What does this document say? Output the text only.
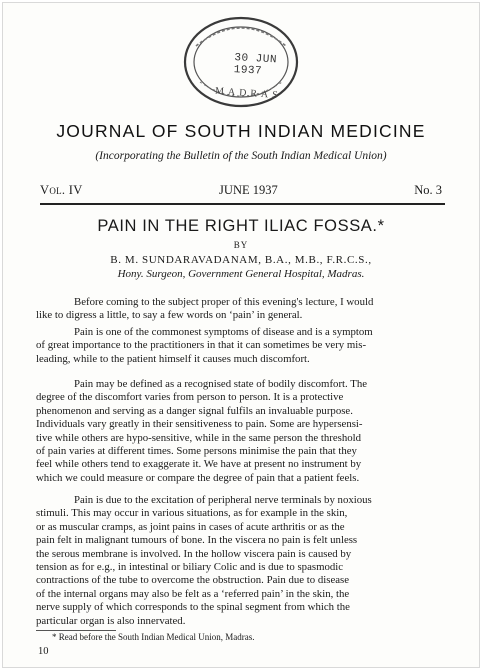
30 JUN 1937
MADRAS
JOURNAL OF SOUTH INDIAN MEDICINE
(Incorporating the Bulletin of the South Indian Medical Union)
Vol. IV	JUNE 1937	No. 3
PAIN IN THE RIGHT ILIAC FOSSA.*
BY
B. M. SUNDARAVADANAM, B.A., M.B., F.R.C.S.,
Hony. Surgeon, Government General Hospital, Madras.
Before coming to the subject proper of this evening's lecture, I would
like to digress a little, to say a few words on ‘pain’ in general.
Pain is one of the commonest symptoms of disease and is a symptom
of great importance to the practitioners in that it can sometimes be very mis-
leading, while to the patient himself it causes much discomfort.
Pain may be defined as a recognised state of bodily discomfort. The
degree of the discomfort varies from person to person. It is a protective
phenomenon and serving as a danger signal fulfils an invaluable purpose.
Individuals vary greatly in their sensitiveness to pain. Some are hypersensi-
tive while others are hypo-sensitive, while in the same person the threshold
of pain varies at different times. Some persons minimise the pain that they
feel while others tend to exaggerate it. We have at present no instrument by
which we could measure or compare the degree of pain that a patient feels.
Pain is due to the excitation of peripheral nerve terminals by noxious
stimuli. This may occur in various situations, as for example in the skin,
or as muscular cramps, as joint pains in cases of acute arthritis or as the
pain felt in malignant tumours of bone. In the viscera no pain is felt unless
the serous membrane is involved. In the hollow viscera pain is caused by
tension as for e.g., in intestinal or biliary Colic and is due to spasmodic
contractions of the tube to overcome the obstruction. Pain due to disease
of the internal organs may also be felt as a ‘referred pain’ in the skin, the
nerve supply of which corresponds to the spinal segment from which the
particular organ is also innervated.
* Read before the South Indian Medical Union, Madras.
10
